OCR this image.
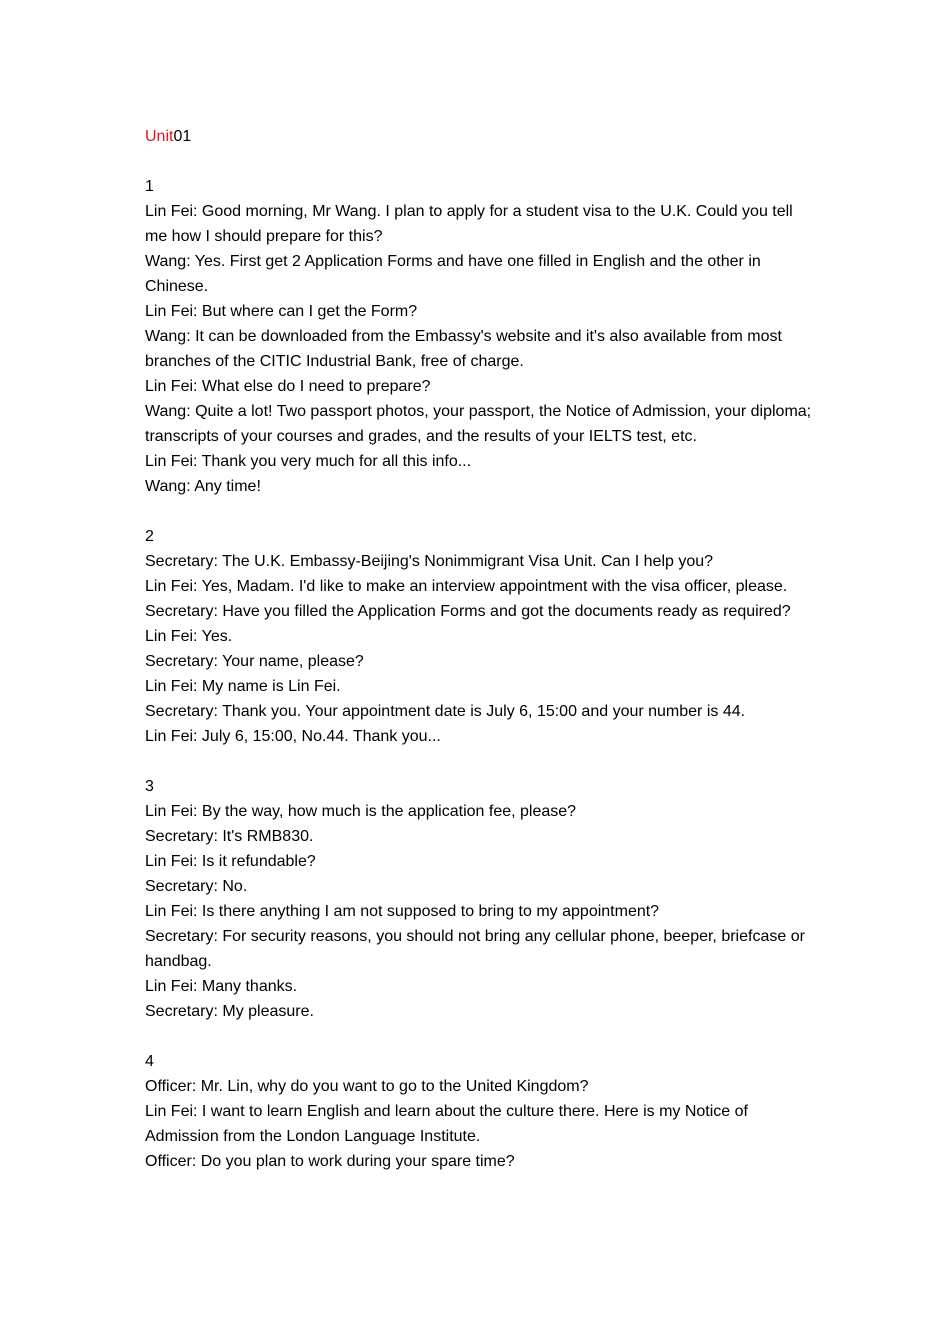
Unit01
1
Lin Fei: Good morning, Mr Wang. I plan to apply for a student visa to the U.K. Could you tell me how I should prepare for this?
Wang: Yes. First get 2 Application Forms and have one filled in English and the other in Chinese.
Lin Fei: But where can I get the Form?
Wang: It can be downloaded from the Embassy's website and it's also available from most branches of the CITIC Industrial Bank, free of charge.
Lin Fei: What else do I need to prepare?
Wang: Quite a lot! Two passport photos, your passport, the Notice of Admission, your diploma; transcripts of your courses and grades, and the results of your IELTS test, etc.
Lin Fei: Thank you very much for all this info...
Wang: Any time!
2
Secretary: The U.K. Embassy-Beijing's Nonimmigrant Visa Unit. Can I help you?
Lin Fei: Yes, Madam. I'd like to make an interview appointment with the visa officer, please.
Secretary: Have you filled the Application Forms and got the documents ready as required?
Lin Fei: Yes.
Secretary: Your name, please?
Lin Fei: My name is Lin Fei.
Secretary: Thank you. Your appointment date is July 6, 15:00 and your number is 44.
Lin Fei: July 6, 15:00, No.44. Thank you...
3
Lin Fei: By the way, how much is the application fee, please?
Secretary: It's RMB830.
Lin Fei: Is it refundable?
Secretary: No.
Lin Fei: Is there anything I am not supposed to bring to my appointment?
Secretary: For security reasons, you should not bring any cellular phone, beeper, briefcase or handbag.
Lin Fei: Many thanks.
Secretary: My pleasure.
4
Officer: Mr. Lin, why do you want to go to the United Kingdom?
Lin Fei: I want to learn English and learn about the culture there. Here is my Notice of Admission from the London Language Institute.
Officer: Do you plan to work during your spare time?
